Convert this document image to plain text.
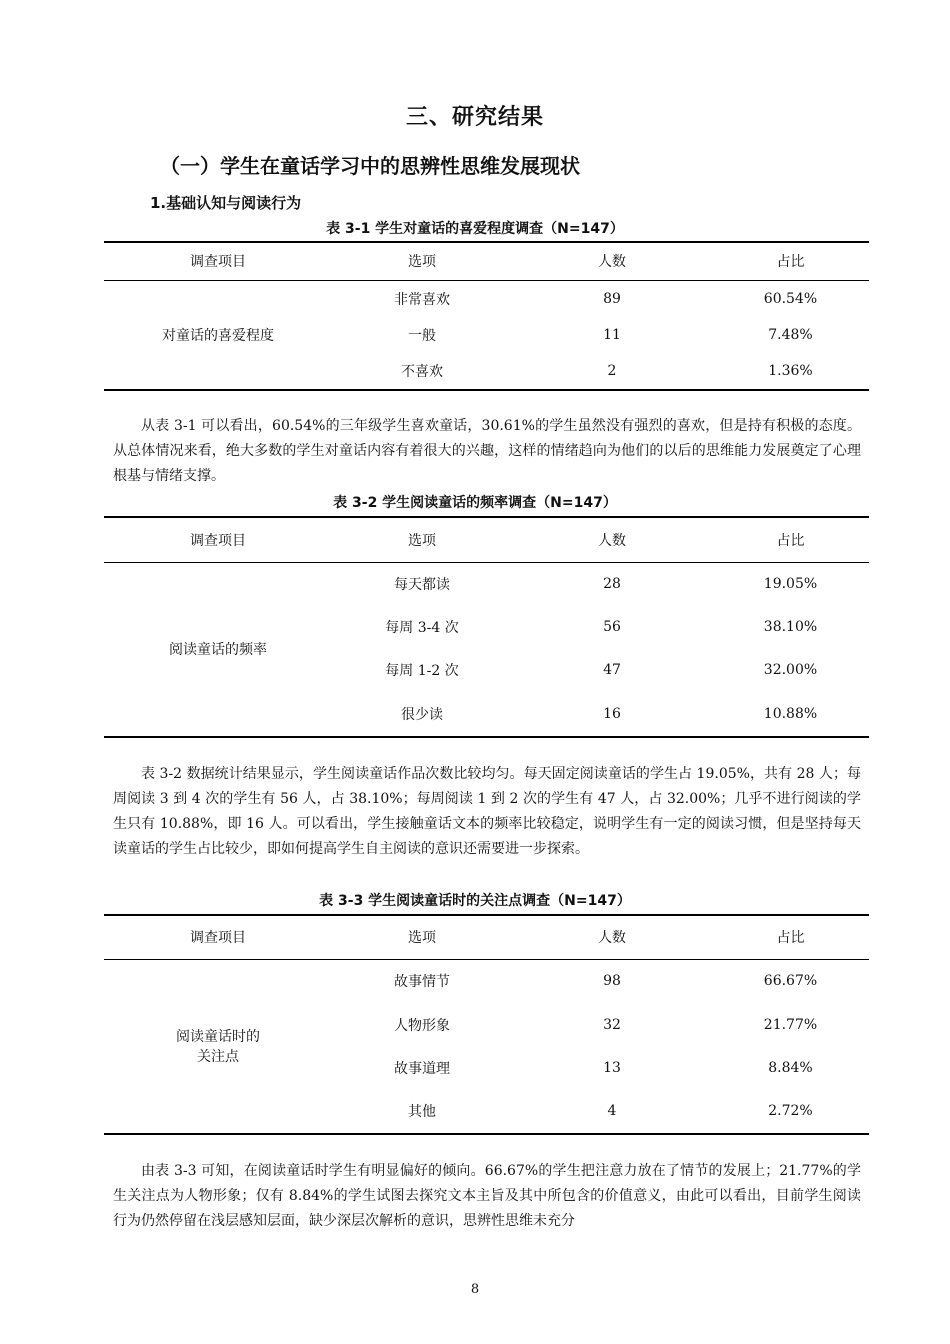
三、研究结果
（一）学生在童话学习中的思辨性思维发展现状
1.基础认知与阅读行为
表 3-1 学生对童话的喜爱程度调查（N=147）
调查项目	选项	人数	占比
对童话的喜爱程度	非常喜欢	89	60.54%
	一般	11	7.48%
	不喜欢	2	1.36%

从表 3-1 可以看出，60.54%的三年级学生喜欢童话，30.61%的学生虽然没有强烈的喜欢，但是持有积极的态度。从总体情况来看，绝大多数的学生对童话内容有着很大的兴趣，这样的情绪趋向为他们的以后的思维能力发展奠定了心理根基与情绪支撑。

表 3-2 学生阅读童话的频率调查（N=147）
调查项目	选项	人数	占比
阅读童话的频率	每天都读	28	19.05%
	每周 3-4 次	56	38.10%
	每周 1-2 次	47	32.00%
	很少读	16	10.88%

表 3-2 数据统计结果显示，学生阅读童话作品次数比较均匀。每天固定阅读童话的学生占 19.05%，共有 28 人；每周阅读 3 到 4 次的学生有 56 人，占 38.10%；每周阅读 1 到 2 次的学生有 47 人，占 32.00%；几乎不进行阅读的学生只有 10.88%，即 16 人。可以看出，学生接触童话文本的频率比较稳定，说明学生有一定的阅读习惯，但是坚持每天读童话的学生占比较少，即如何提高学生自主阅读的意识还需要进一步探索。

表 3-3 学生阅读童话时的关注点调查（N=147）
调查项目	选项	人数	占比

阅读童话时的
关注点	故事情节	98	66.67%
	人物形象	32	21.77%
	故事道理	13	8.84%
	其他	4	2.72%

由表 3-3 可知，在阅读童话时学生有明显偏好的倾向。66.67%的学生把注意力放在了情节的发展上；21.77%的学生关注点为人物形象；仅有 8.84%的学生试图去探究文本主旨及其中所包含的价值意义，由此可以看出，目前学生阅读行为仍然停留在浅层感知层面，缺少深层次解析的意识，思辨性思维未充分

8
